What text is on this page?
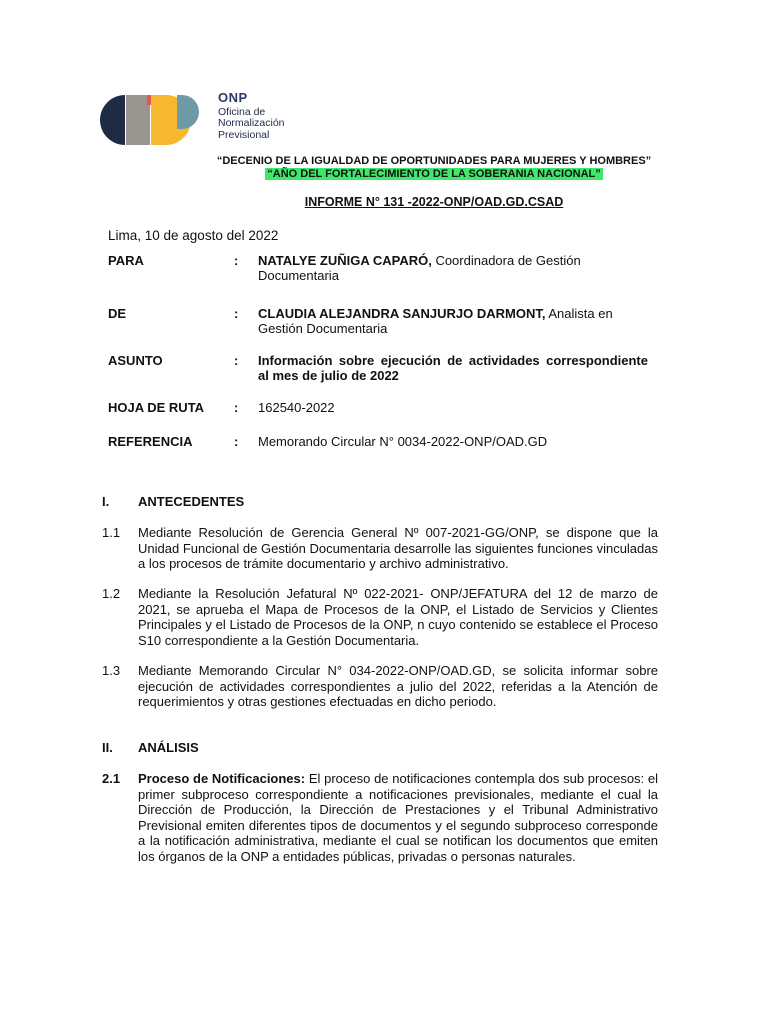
ONP
Oficina de
Normalización
Previsional
“DECENIO DE LA IGUALDAD DE OPORTUNIDADES PARA MUJERES Y HOMBRES”
“AÑO DEL FORTALECIMIENTO DE LA SOBERANIA NACIONAL”
INFORME N° 131 -2022-ONP/OAD.GD.CSAD
Lima, 10 de agosto del 2022
PARA	: NATALYE ZUÑIGA CAPARÓ, Coordinadora de Gestión Documentaria
DE	: CLAUDIA ALEJANDRA SANJURJO DARMONT, Analista en Gestión Documentaria
ASUNTO	: Información sobre ejecución de actividades correspondiente al mes de julio de 2022
HOJA DE RUTA : 162540-2022
REFERENCIA	: Memorando Circular N° 0034-2022-ONP/OAD.GD
I. ANTECEDENTES
1.1 Mediante Resolución de Gerencia General Nº 007-2021-GG/ONP, se dispone que la Unidad Funcional de Gestión Documentaria desarrolle las siguientes funciones vinculadas a los procesos de trámite documentario y archivo administrativo.
1.2 Mediante la Resolución Jefatural Nº 022-2021- ONP/JEFATURA del 12 de marzo de 2021, se aprueba el Mapa de Procesos de la ONP, el Listado de Servicios y Clientes Principales y el Listado de Procesos de la ONP, n cuyo contenido se establece el Proceso S10 correspondiente a la Gestión Documentaria.
1.3 Mediante Memorando Circular N° 034-2022-ONP/OAD.GD, se solicita informar sobre ejecución de actividades correspondientes a julio del 2022, referidas a la Atención de requerimientos y otras gestiones efectuadas en dicho periodo.
II. ANÁLISIS
2.1 Proceso de Notificaciones: El proceso de notificaciones contempla dos sub procesos: el primer subproceso correspondiente a notificaciones previsionales, mediante el cual la Dirección de Producción, la Dirección de Prestaciones y el Tribunal Administrativo Previsional emiten diferentes tipos de documentos y el segundo subproceso corresponde a la notificación administrativa, mediante el cual se notifican los documentos que emiten los órganos de la ONP a entidades públicas, privadas o personas naturales.
